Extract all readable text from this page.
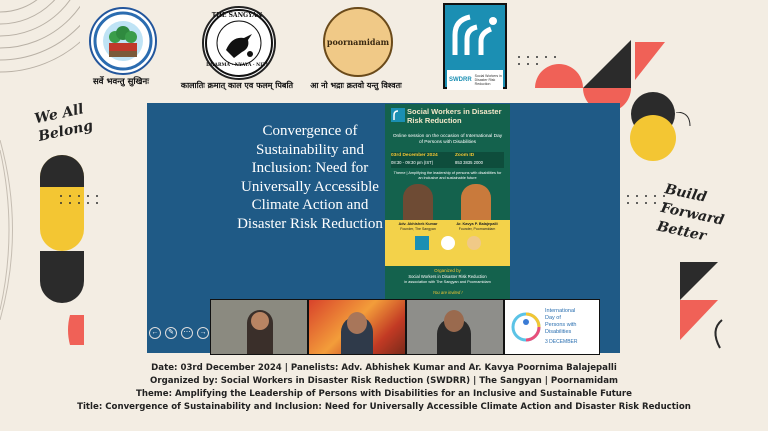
सर्वे भवन्तु सुखिनः
THE SANGYAN
DHARMA · NYAYA · NITI
कालातिः क्रमात् काल एव फलम् पिबति
poornamidam
आ नो भद्राः क्रतवो यन्तु विश्वतः	SWDRR
Social Workers in Disaster Risk Reduction
We All Belong
Build Forward Better
Convergence of Sustainability and Inclusion: Need for Universally Accessible Climate Action and Disaster Risk Reduction
Social Workers in Disaster Risk Reduction
Online session on the occasion of International Day of Persons with Disabilities
03rd December 2024
08:30 - 09:30 pm (IST)
Zoom ID
853 3835 2000
Theme | Amplifying the leadership of persons with disabilities for an inclusive and sustainable future
Adv. Abhishek Kumar
Founder, The Sangyan
Ar. Kavya P. Balajepalli
Founder, Poornamidam
Organized by
Social Workers in Disaster Risk Reduction
in association with The Sangyan and Poornamidam
You are invited !
←	✎	⋯	→
International
Day of
Persons with
Disabilities
3 DECEMBER
Date: 03rd December 2024 | Panelists: Adv. Abhishek Kumar and Ar. Kavya Poornima Balajepalli
Organized by: Social Workers in Disaster Risk Reduction (SWDRR) | The Sangyan | Poornamidam
Theme: Amplifying the Leadership of Persons with Disabilities for an Inclusive and Sustainable Future
Title: Convergence of Sustainability and Inclusion: Need for Universally Accessible Climate Action and Disaster Risk Reduction
